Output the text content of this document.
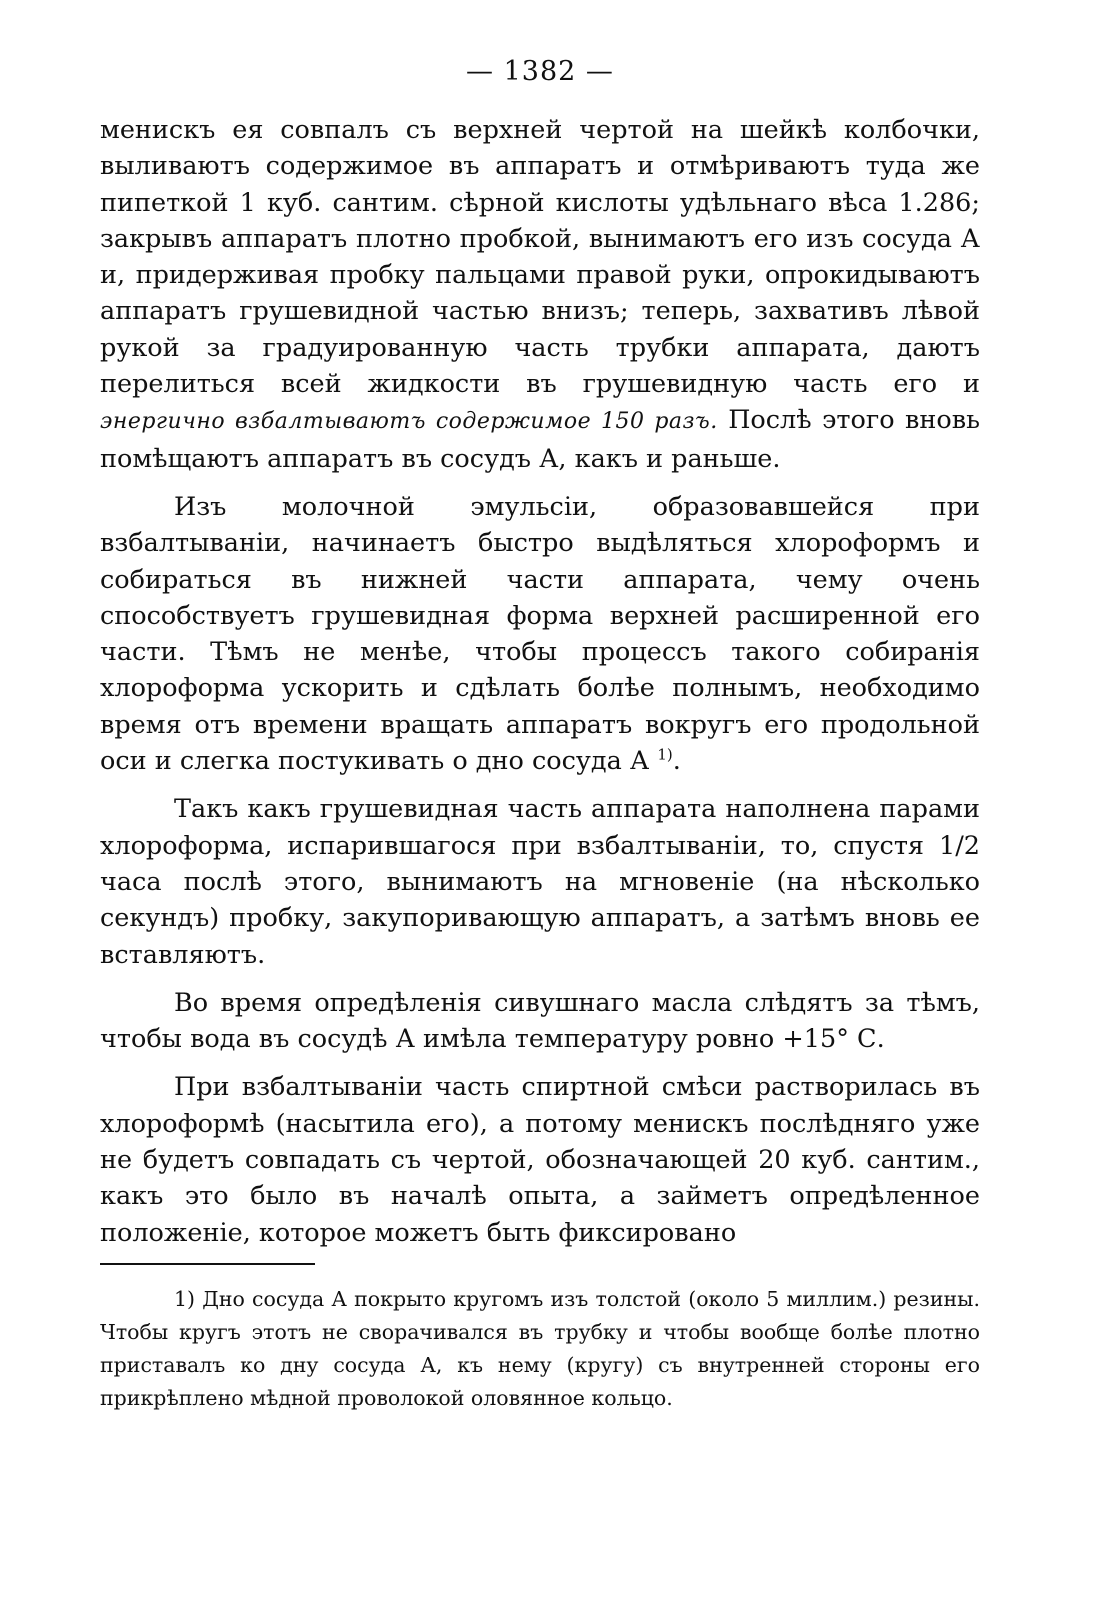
— 1382 —

менискъ ея совпалъ съ верхней чертой на шейкѣ колбочки, выливаютъ содержимое въ аппаратъ и отмѣриваютъ туда же пипеткой 1 куб. сантим. сѣрной кислоты удѣльнаго вѣса 1.286; закрывъ аппаратъ плотно пробкой, вынимаютъ его изъ сосуда А и, придерживая пробку пальцами правой руки, опрокидываютъ аппаратъ грушевидной частью внизъ; теперь, захвативъ лѣвой рукой за градуированную часть трубки аппарата, даютъ перелиться всей жидкости въ грушевидную часть его и энергично взбалтываютъ содержимое 150 разъ. Послѣ этого вновь помѣщаютъ аппаратъ въ сосудъ А, какъ и раньше.

Изъ молочной эмульсіи, образовавшейся при взбалтываніи, начинаетъ быстро выдѣляться хлороформъ и собираться въ нижней части аппарата, чему очень способствуетъ грушевидная форма верхней расширенной его части. Тѣмъ не менѣе, чтобы процессъ такого собиранія хлороформа ускорить и сдѣлать болѣе полнымъ, необходимо время отъ времени вращать аппаратъ вокругъ его продольной оси и слегка постукивать о дно сосуда А $^{1)}$.

Такъ какъ грушевидная часть аппарата наполнена парами хлороформа, испарившагося при взбалтываніи, то, спустя 1/2 часа послѣ этого, вынимаютъ на мгновеніе (на нѣсколько секундъ) пробку, закупоривающую аппаратъ, а затѣмъ вновь ее вставляютъ.

Во время опредѣленія сивушнаго масла слѣдятъ за тѣмъ, чтобы вода въ сосудѣ А имѣла температуру ровно +15° С.

При взбалтываніи часть спиртной смѣси растворилась въ хлороформѣ (насытила его), а потому менискъ послѣдняго уже не будетъ совпадать съ чертой, обозначающей 20 куб. сантим., какъ это было въ началѣ опыта, а займетъ опредѣленное положеніе, которое можетъ быть фиксировано

1) Дно сосуда А покрыто кругомъ изъ толстой (около 5 миллим.) резины. Чтобы кругъ этотъ не сворачивался въ трубку и чтобы вообще болѣе плотно приставалъ ко дну сосуда А, къ нему (кругу) съ внутренней стороны его прикрѣплено мѣдной проволокой оловянное кольцо.
